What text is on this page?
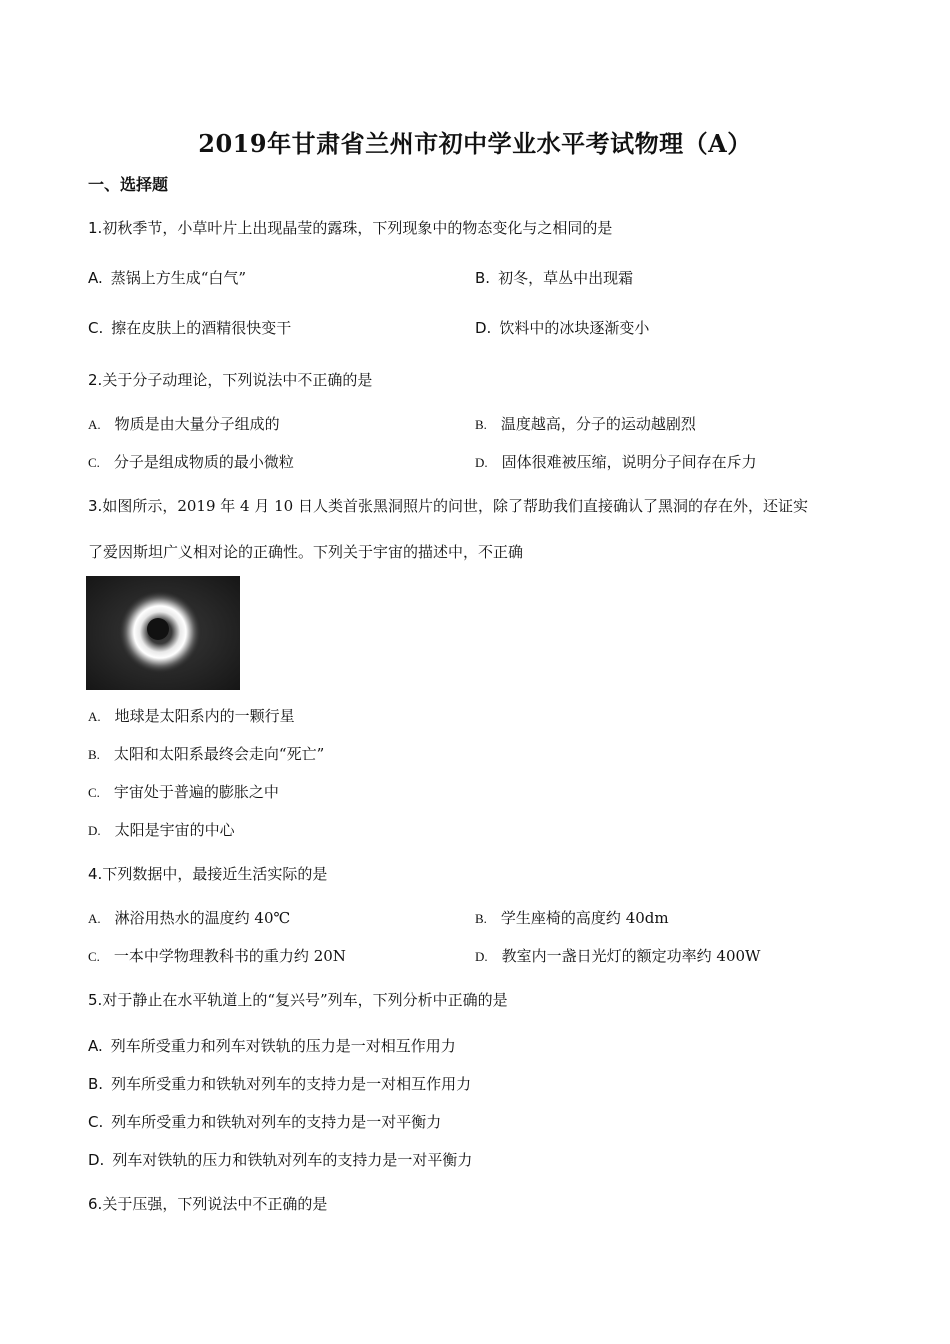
2019年甘肃省兰州市初中学业水平考试物理（A）
一、选择题
1.初秋季节，小草叶片上出现晶莹的露珠，下列现象中的物态变化与之相同的是
A. 蒸锅上方生成“白气”	B. 初冬，草丛中出现霜
C. 擦在皮肤上的酒精很快变干	D. 饮料中的冰块逐渐变小
2.关于分子动理论，下列说法中不正确的是
A. 物质是由大量分子组成的	B. 温度越高，分子的运动越剧烈
C. 分子是组成物质的最小微粒	D. 固体很难被压缩，说明分子间存在斥力
3.如图所示，2019 年 4 月 10 日人类首张黑洞照片的问世，除了帮助我们直接确认了黑洞的存在外，还证实
了爱因斯坦广义相对论的正确性。下列关于宇宙的描述中，不正确
A. 地球是太阳系内的一颗行星
B. 太阳和太阳系最终会走向“死亡”
C. 宇宙处于普遍的膨胀之中
D. 太阳是宇宙的中心
4.下列数据中，最接近生活实际的是
A. 淋浴用热水的温度约 40℃	B. 学生座椅的高度约 40dm
C. 一本中学物理教科书的重力约 20N	D. 教室内一盏日光灯的额定功率约 400W
5.对于静止在水平轨道上的“复兴号”列车，下列分析中正确的是
A. 列车所受重力和列车对铁轨的压力是一对相互作用力
B. 列车所受重力和铁轨对列车的支持力是一对相互作用力
C. 列车所受重力和铁轨对列车的支持力是一对平衡力
D. 列车对铁轨的压力和铁轨对列车的支持力是一对平衡力
6.关于压强，下列说法中不正确的是
